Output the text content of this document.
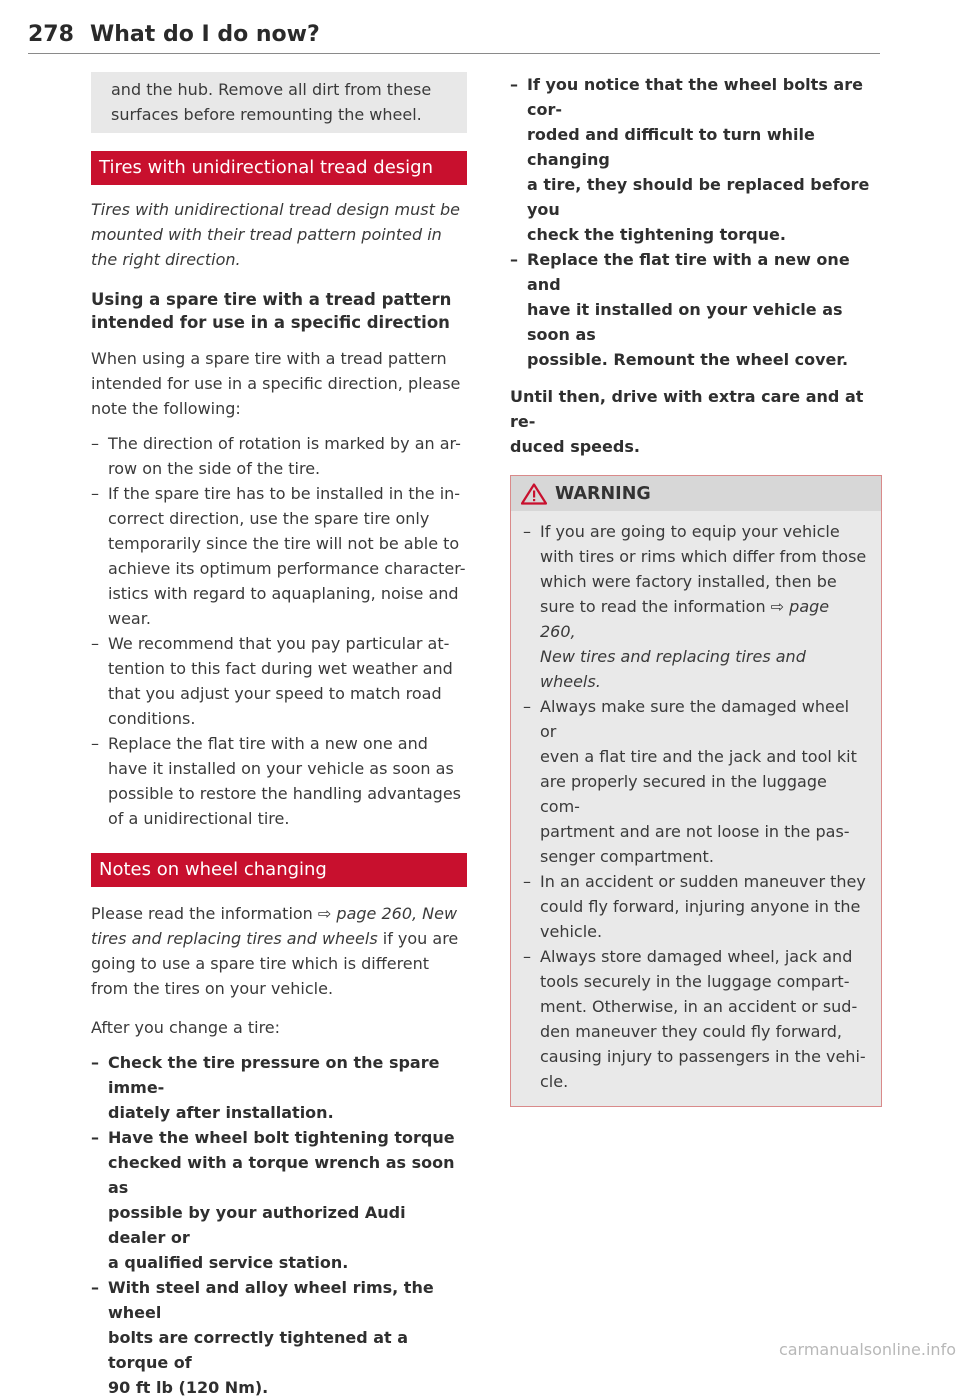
278 What do I do now?

and the hub. Remove all dirt from these

surfaces before remounting the wheel.

Tires with unidirectional tread design

Tires with unidirectional tread design must be

mounted with their tread pattern pointed in

the right direction.

Using a spare tire with a tread pattern
intended for use in a specific direction

When using a spare tire with a tread pattern

intended for use in a specific direction, please

note the following:

– The direction of rotation is marked by an ar-
row on the side of the tire.
– If the spare tire has to be installed in the in-
correct direction, use the spare tire only
temporarily since the tire will not be able to
achieve its optimum performance character-
istics with regard to aquaplaning, noise and
wear.
– We recommend that you pay particular at-
tention to this fact during wet weather and
that you adjust your speed to match road
conditions.
– Replace the flat tire with a new one and
have it installed on your vehicle as soon as
possible to restore the handling advantages
of a unidirectional tire.
Notes on wheel changing

Please read the information ⇨ page 260, New

tires and replacing tires and wheels if you are

going to use a spare tire which is different

from the tires on your vehicle.

After you change a tire:

– Check the tire pressure on the spare imme-
diately after installation.
– Have the wheel bolt tightening torque
checked with a torque wrench as soon as
possible by your authorized Audi dealer or
a qualified service station.
– With steel and alloy wheel rims, the wheel
bolts are correctly tightened at a torque of
90 ft lb (120 Nm).
– If you notice that the wheel bolts are cor-
roded and difficult to turn while changing
a tire, they should be replaced before you
check the tightening torque.
– Replace the flat tire with a new one and
have it installed on your vehicle as soon as
possible. Remount the wheel cover.

Until then, drive with extra care and at re-

duced speeds.

WARNING
– If you are going to equip your vehicle
with tires or rims which differ from those
which were factory installed, then be
sure to read the information ⇨ page 260,
New tires and replacing tires and
wheels.
– Always make sure the damaged wheel or
even a flat tire and the jack and tool kit
are properly secured in the luggage com-
partment and are not loose in the pas-
senger compartment.
– In an accident or sudden maneuver they
could fly forward, injuring anyone in the
vehicle.
– Always store damaged wheel, jack and
tools securely in the luggage compart-
ment. Otherwise, in an accident or sud-
den maneuver they could fly forward,
causing injury to passengers in the vehi-
cle.
carmanualsonline.info
